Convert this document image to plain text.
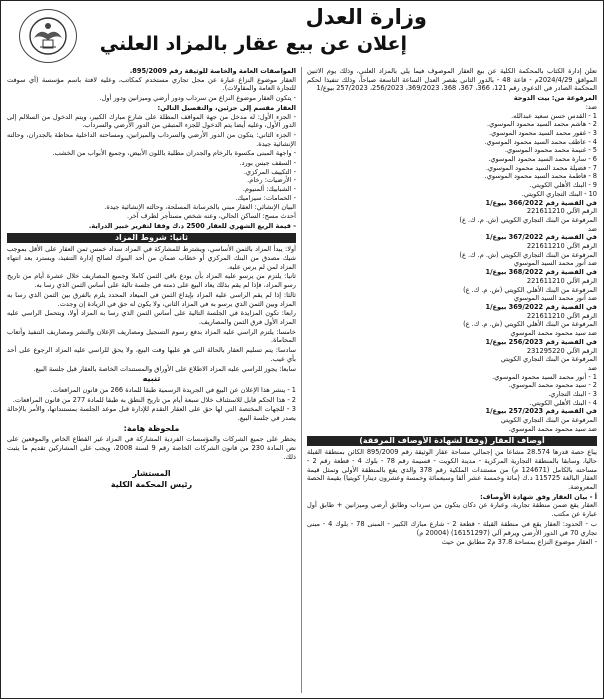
وزارة العدل
إعلان عن بيع عقار بالمزاد العلني

تعلن إدارة الكتاب بالمحكمة الكلية عن بيع العقار الموصوف فيما يلي بالمزاد العلني، وذلك يوم الاثنين الموافق 2024/4/29م - قاعة 48 - بالدور الثاني بقصر العدل الساعة التاسعة صباحاً، وذلك تنفيذا لحكم المحكمة الصادر في الدعوى رقم 121، 366، 367، 368، 369/2023، 256/2023، 257/2023 بيوع/1

المرفوعة من: بيت الدوحة

ضد:

1 - القدس حسن سعيد عبدالله.

2 - هاشم محمد السيد محمود الموسوي.

3 - غفور محمد السيد محمود الموسوي.

4 - عاطف محمد السيد محمود الموسوي.

5 - غنيمة محمد محمود الموسوي.

6 - سارة محمد السيد محمود الموسوي.

7 - فضيلة محمد السيد محمود الموسوي.

8 - فاطمة محمد السيد محمود الموسوي.

9 - البنك الأهلي الكويتي.

10 - البنك التجاري الكويتي.

في القضية رقم 366/2022 بيوع/1

الرقم الآلي 221611210

المرفوعة من البنك التجاري الكويتي (ش. م. ك. ع)

ضد

في القضية رقم 367/2022 بيوع/1

الرقم الآلي 221611210

المرفوعة من البنك التجاري الكويتي (ش. م. ك. ع)

ضد أنور محمد السيد الموسوي

في القضية رقم 368/2022 بيوع/1

الرقم الآلي 221611210

المرفوعة من البنك الأهلي الكويتي (ش. م. ك. ع)

ضد أنور محمد السيد الموسوي

في القضية رقم 369/2022 بيوع/1

الرقم الآلي 221611210

المرفوعة من البنك الأهلي الكويتي (ش. م. ك. ع)

ضد سيد محمود محمد الموسوي

في القضية رقم 256/2023 بيوع/1

الرقم الآلي 231295220

المرفوعة من البنك التجاري الكويتي

ضد

1 - أنور محمد السيد محمود الموسوي.

2 - سيد محمود محمد الموسوي.

3 - البنك التجاري.

4 - البنك الأهلي الكويتي.

في القضية رقم 257/2023 بيوع/1

المرفوعة من البنك التجاري الكويتي

ضد سيد محمود محمد الموسوي.

أوصاف العقار (وفقا لشهادة الأوصاف المرفقة)

يباع حصة قدرها 28.574 مشاعا من إجمالي مساحة عقار الوثيقة رقم 895/2009 الكائن بمنطقة القبلة حاليا، وسابقا بالمنطقة التجارية المركزية - مدينة الكويت - قسيمة رقم 78 - بلوك 4 - قطعة رقم 2 - مساحته بالكامل (124671 م) من مستندات الملكية رقم 378 والذي يقع بالمنطقة الأولى وتمثل قيمة العقار البالغة 115725 د.ك (مائة وخمسة عشر ألفا وسبعمائة وخمسة وعشرون دينارا كويتيا) بقيمة الحصة المعروضة.

أ - بيان العقار وفق شهادة الأوصاف:

العقار يقع ضمن منطقة تجارية، وعبارة عن دكان يتكون من سرداب وطابق أرضي وميزانين + طابق أول عبارة عن مكتب.

ب - الحدود: العقار يقع في منطقة القبلة - قطعة 2 - شارع مبارك الكبير - المبنى 78 - بلوك 4 - مبنى تجاري 70 في الدور الأرضي ويرقم آلي (16151297) (20004 م)

- العقار موضوع النزاع بمساحة 37.8 م2 مطابق من حيث

المواصفات العامة والخاصة للوثيقة رقم 895/2009.

العقار موضوع النزاع عبارة عن محل تجاري مستخدم كمكاتب، وعليه لافتة باسم مؤسسة (أي سوفت للتجارة العامة والمقاولات).

- يتكون العقار موضوع النزاع من سرداب ودور أرضي وميزانين ودور أول.

العقار مقسم إلى جزئين، والتفصيل التالي:

- الجزء الأول: له مدخل من جهة المواقف المطلة على شارع مبارك الكبير، ويتم الدخول من السلالم إلى الدور الأول، وعليه أيضا يتم الدخول للجزء المتبقي من الدور الأرضي والسرداب.

- الجزء الثاني: يتكون من الدور الأرضي والسرداب والميزانين، ومساحته الداخلية محاطة بالجدران، وحالته الإنشائية جيدة.

- واجهة المبنى مكسوة بالرخام والجدران مطلية باللون الأبيض، وجميع الأبواب من الخشب.

- السقف جبس بورد.

- التكييف المركزي.

- الأرضيات: رخام.

- الشبابيك: ألمنيوم.

- الحمامات: سيراميك.

البيان الإنشائي: العقار مبني بالخرسانة المسلحة، وحالته الإنشائية جيدة.

أحدث مسح: الساكن الحالي، وعنه شخص مستأجر لطرف آخر.

- قيمة الريع الشهري للعقار 2500 د.ك وفقا لتقرير خبير الدراية.

ثانيا: شروط المزاد

أولا: يبدأ المزاد بالثمن الأساسي، ويشترط للمشاركة في المزاد سداد خمس ثمن العقار على الأقل بموجب شيك مصدق من البنك المركزي أو خطاب ضمان من أحد البنوك لصالح إدارة التنفيذ، ويسترد بعد انتهاء المزاد لمن لم يرس عليه.

ثانيا: يلتزم من يرسو عليه المزاد بأن يودع باقي الثمن كاملا وجميع المصاريف خلال عشرة أيام من تاريخ رسو المزاد، فإذا لم يقم بذلك يعاد البيع على ذمته في جلسة تالية على أساس الثمن الذي رسا به.

ثالثا: إذا لم يقم الراسي عليه المزاد بإيداع الثمن في الميعاد المحدد يلزم بالفرق بين الثمن الذي رسا به المزاد وبين الثمن الذي يرسو به في المزاد الثاني، ولا يكون له حق في الزيادة إن وجدت.

رابعا: تكون المزايدة في الجلسة التالية على أساس الثمن الذي رسا به المزاد أولا، ويتحمل الراسي عليه المزاد الأول فرق الثمن والمصاريف.

خامسا: يلتزم الراسي عليه المزاد بدفع رسوم التسجيل ومصاريف الإعلان والنشر ومصاريف التنفيذ وأتعاب المحاماة.

سادسا: يتم تسليم العقار بالحالة التي هو عليها وقت البيع، ولا يحق للراسي عليه المزاد الرجوع على أحد بأي عيب.

سابعا: يجوز للراسي عليه المزاد الاطلاع على الأوراق والمستندات الخاصة بالعقار قبل جلسة البيع.

تنبيه

1 - ينشر هذا الإعلان عن البيع في الجريدة الرسمية طبقا للمادة 266 من قانون المرافعات.

2 - هذا الحكم قابل للاستئناف خلال سبعة أيام من تاريخ النطق به طبقا للمادة 277 من قانون المرافعات.

3 - للجهات المختصة التي لها حق على العقار التقدم للإدارة قبل موعد الجلسة بمستنداتها، والأمر بالإحالة يصدر في جلسة البيع.

ملحوظة هامة:

يحظر على جميع الشركات والمؤسسات الفردية المشاركة في المزاد غير القطاع الخاص والموقعين على نص المادة 230 من قانون الشركات الخاصة رقم 9 لسنة 2008، ويجب على المشاركين تقديم ما يثبت ذلك.

المستشار
رئيس المحكمة الكلية
